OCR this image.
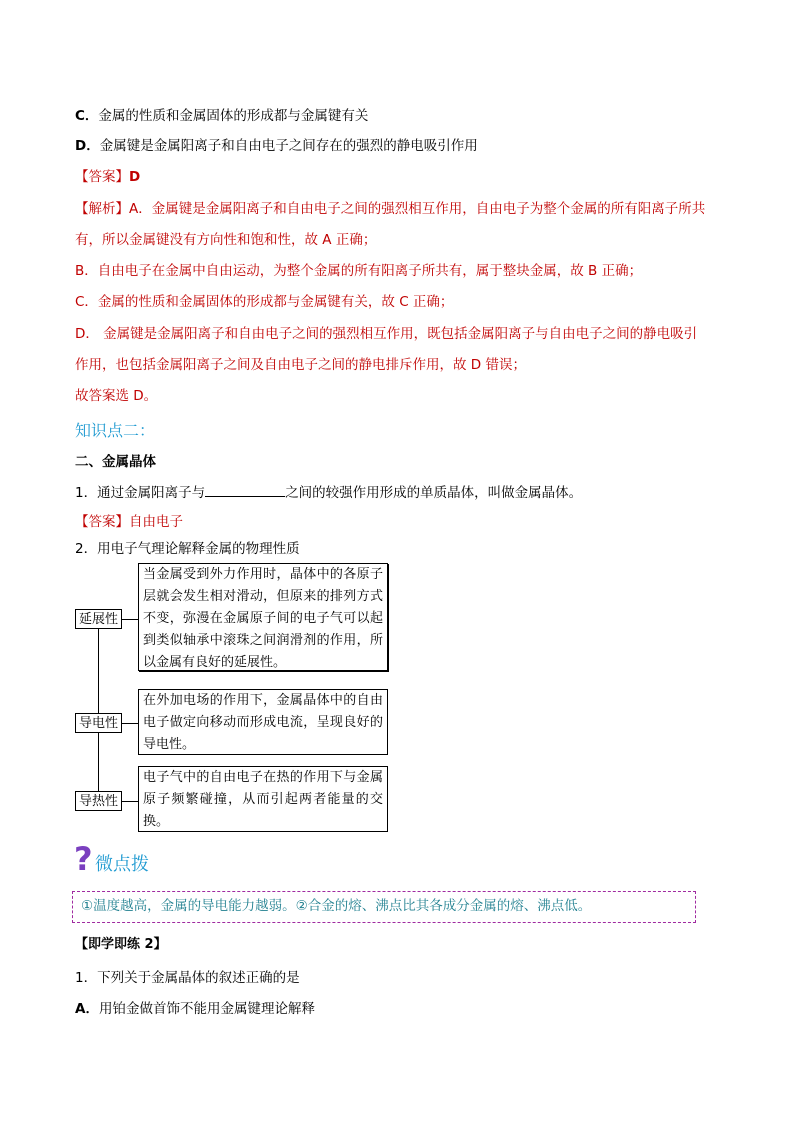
C．金属的性质和金属固体的形成都与金属键有关
D．金属键是金属阳离子和自由电子之间存在的强烈的静电吸引作用
【答案】D
【解析】A．金属键是金属阳离子和自由电子之间的强烈相互作用，自由电子为整个金属的所有阳离子所共
有，所以金属键没有方向性和饱和性，故 A 正确；
B．自由电子在金属中自由运动，为整个金属的所有阳离子所共有，属于整块金属，故 B 正确；
C．金属的性质和金属固体的形成都与金属键有关，故 C 正确；
D． 金属键是金属阳离子和自由电子之间的强烈相互作用，既包括金属阳离子与自由电子之间的静电吸引
作用，也包括金属阳离子之间及自由电子之间的静电排斥作用，故 D 错误；
故答案选 D。
知识点二：
二、金属晶体
1．通过金属阳离子与	之间的较强作用形成的单质晶体，叫做金属晶体。
【答案】自由电子
2．用电子气理论解释金属的物理性质
延展性
当金属受到外力作用时，晶体中的各原子层就会发生相对滑动，但原来的排列方式不变，弥漫在金属原子间的电子气可以起到类似轴承中滚珠之间润滑剂的作用，所以金属有良好的延展性。
导电性
在外加电场的作用下，金属晶体中的自由电子做定向移动而形成电流，呈现良好的导电性。
导热性
电子气中的自由电子在热的作用下与金属原子频繁碰撞，从而引起两者能量的交换。
? 微点拨
①温度越高，金属的导电能力越弱。②合金的熔、沸点比其各成分金属的熔、沸点低。
【即学即练 2】
1．下列关于金属晶体的叙述正确的是
A．用铂金做首饰不能用金属键理论解释
